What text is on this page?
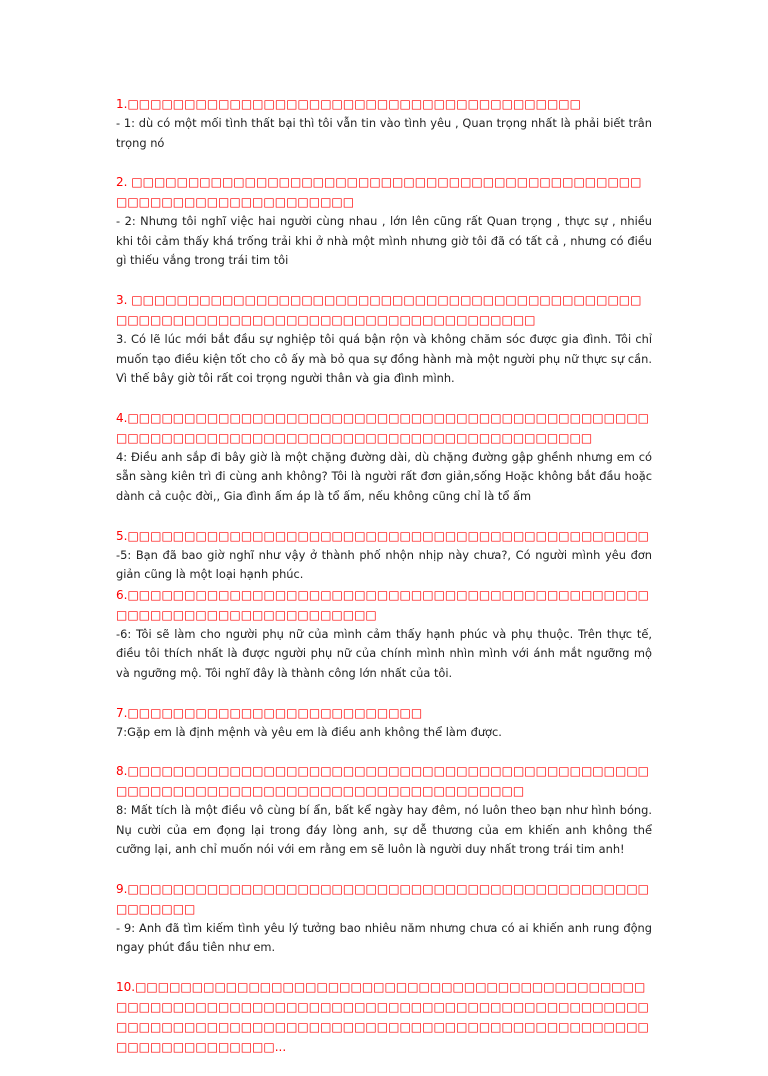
1.□□□□□□□□□□□□□□□□□□□□□□□□□□□□□□□□□□□□□□□□

- 1: dù có một mối tình thất bại thì tôi vẫn tin vào tình yêu , Quan trọng nhất là phải biết trân trọng nó

2. □□□□□□□□□□□□□□□□□□□□□□□□□□□□□□□□□□□□□□□□□□□□□□□□□□□□□□□□□□□□□□□□□□

- 2: Nhưng tôi nghĩ việc hai người cùng nhau , lớn lên cũng rất Quan trọng , thực sự , nhiều khi tôi cảm thấy khá trống trải khi ở nhà một mình nhưng giờ tôi đã có tất cả , nhưng có điều gì thiếu vắng trong trái tim tôi

3. □□□□□□□□□□□□□□□□□□□□□□□□□□□□□□□□□□□□□□□□□□□□□□□□□□□□□□□□□□□□□□□□□□□□□□□□□□□□□□□□□□

3. Có lẽ lúc mới bắt đầu sự nghiệp tôi quá bận rộn và không chăm sóc được gia đình. Tôi chỉ muốn tạo điều kiện tốt cho cô ấy mà bỏ qua sự đồng hành mà một người phụ nữ thực sự cần. Vì thế bây giờ tôi rất coi trọng người thân và gia đình mình.

4.□□□□□□□□□□□□□□□□□□□□□□□□□□□□□□□□□□□□□□□□□□□□□□□□□□□□□□□□□□□□□□□□□□□□□□□□□□□□□□□□□□□□□□□□

4: Điều anh sắp đi bây giờ là một chặng đường dài, dù chặng đường gập ghềnh nhưng em có sẵn sàng kiên trì đi cùng anh không? Tôi là người rất đơn giản,sống Hoặc không bắt đầu hoặc dành cả cuộc đời,, Gia đình ấm áp là tổ ấm, nếu không cũng chỉ là tổ ấm

5.□□□□□□□□□□□□□□□□□□□□□□□□□□□□□□□□□□□□□□□□□□□□□□

-5: Bạn đã bao giờ nghĩ như vậy ở thành phố nhộn nhịp này chưa?, Có người mình yêu đơn giản cũng là một loại hạnh phúc.

6.□□□□□□□□□□□□□□□□□□□□□□□□□□□□□□□□□□□□□□□□□□□□□□□□□□□□□□□□□□□□□□□□□□□□□

-6: Tôi sẽ làm cho người phụ nữ của mình cảm thấy hạnh phúc và phụ thuộc. Trên thực tế, điều tôi thích nhất là được người phụ nữ của chính mình nhìn mình với ánh mắt ngưỡng mộ và ngưỡng mộ. Tôi nghĩ đây là thành công lớn nhất của tôi.

7.□□□□□□□□□□□□□□□□□□□□□□□□□□

7:Gặp em là định mệnh và yêu em là điều anh không thể làm được.

8.□□□□□□□□□□□□□□□□□□□□□□□□□□□□□□□□□□□□□□□□□□□□□□□□□□□□□□□□□□□□□□□□□□□□□□□□□□□□□□□□□□

8: Mất tích là một điều vô cùng bí ẩn, bất kể ngày hay đêm, nó luôn theo bạn như hình bóng. Nụ cười của em đọng lại trong đáy lòng anh, sự dễ thương của em khiến anh không thể cưỡng lại, anh chỉ muốn nói với em rằng em sẽ luôn là người duy nhất trong trái tim anh!

9.□□□□□□□□□□□□□□□□□□□□□□□□□□□□□□□□□□□□□□□□□□□□□□□□□□□□□

- 9: Anh đã tìm kiếm tình yêu lý tưởng bao nhiêu năm nhưng chưa có ai khiến anh rung động ngay phút đầu tiên như em.

10.□□□□□□□□□□□□□□□□□□□□□□□□□□□□□□□□□□□□□□□□□□□□□□□□□□□□□□□□□□□□□□□□□□□□□□□□□□□□□□□□□□□□□□□□□□□□□□□□□□□□□□□□□□□□□□□□□□□□□□□□□□□□□□□□□□□□□□□□□□□□□□□□□□□□□□□□□...
